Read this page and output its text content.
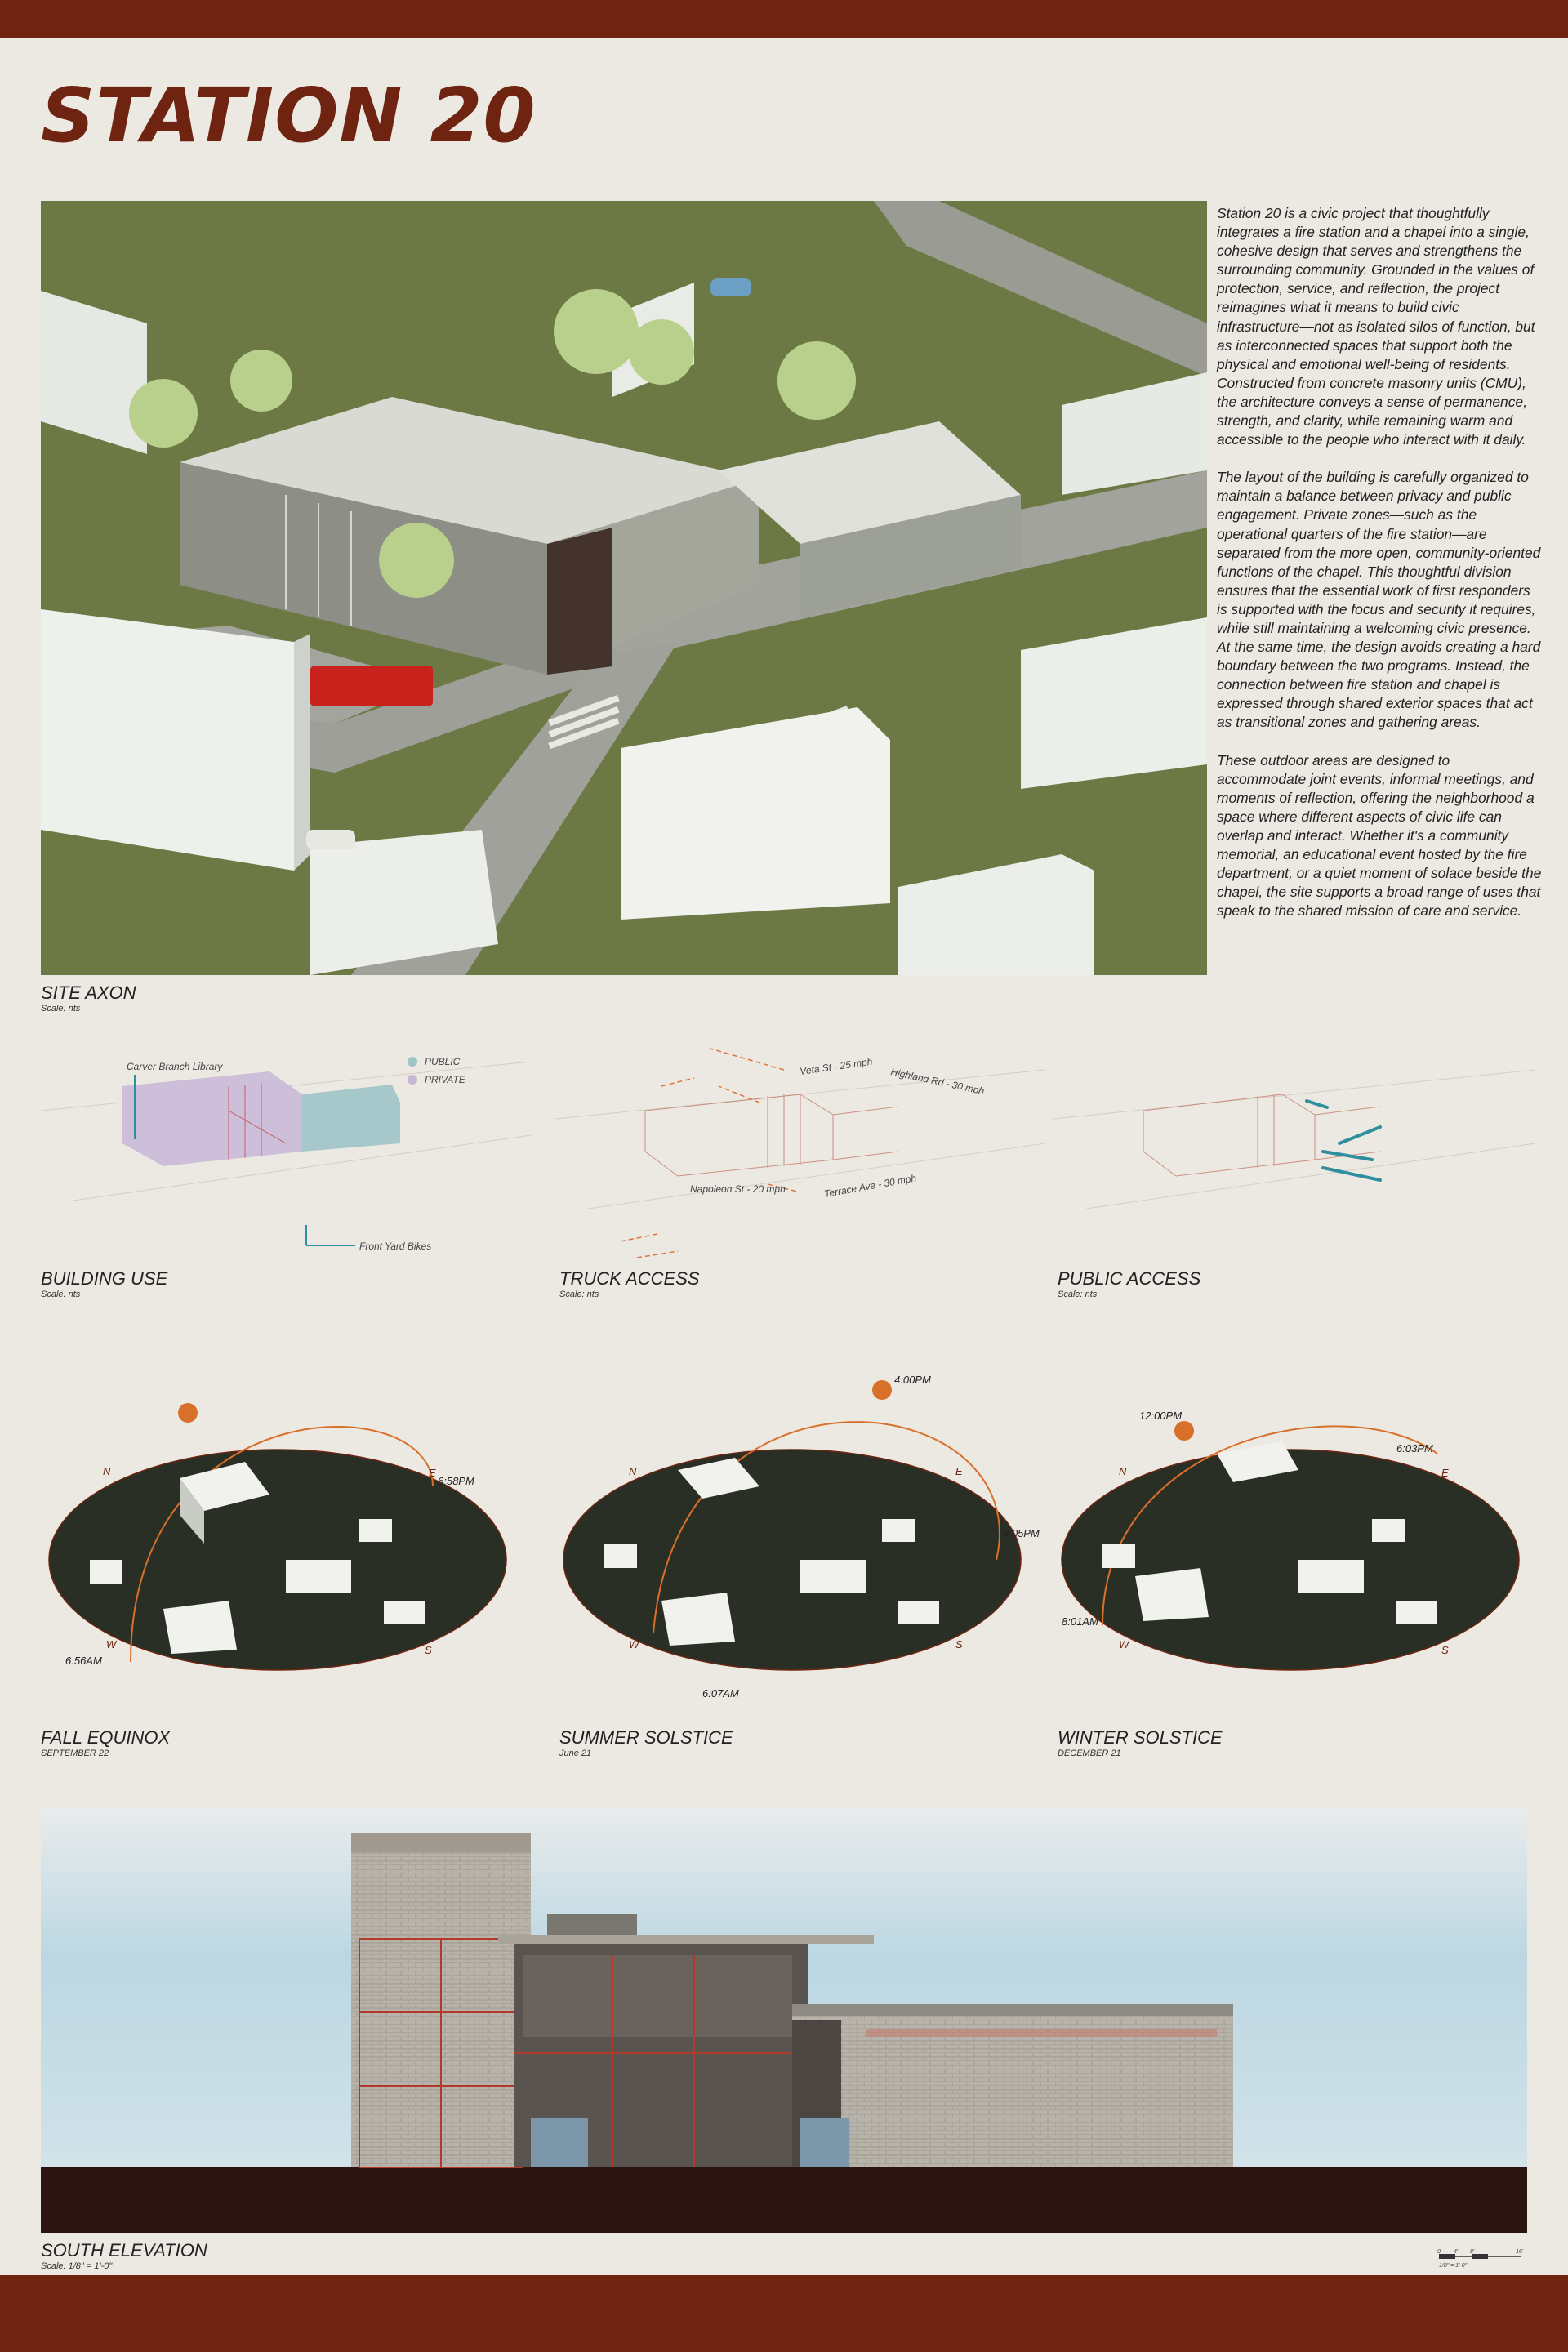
STATION 20

Station 20 is a civic project that thoughtfully integrates a fire station and a chapel into a single, cohesive design that serves and strengthens the surrounding community. Grounded in the values of protection, service, and reflection, the project reimagines what it means to build civic infrastructure—not as isolated silos of function, but as interconnected spaces that support both the physical and emotional well-being of residents. Constructed from concrete masonry units (CMU), the architecture conveys a sense of permanence, strength, and clarity, while remaining warm and accessible to the people who interact with it daily.

The layout of the building is carefully organized to maintain a balance between privacy and public engagement. Private zones—such as the operational quarters of the fire station—are separated from the more open, community-oriented functions of the chapel. This thoughtful division ensures that the essential work of first responders is supported with the focus and security it requires, while still maintaining a welcoming civic presence. At the same time, the design avoids creating a hard boundary between the two programs. Instead, the connection between fire station and chapel is expressed through shared exterior spaces that act as transitional zones and gathering areas.

These outdoor areas are designed to accommodate joint events, informal meetings, and moments of reflection, offering the neighborhood a space where different aspects of civic life can overlap and interact. Whether it's a community memorial, an educational event hosted by the fire department, or a quiet moment of solace beside the chapel, the site supports a broad range of uses that speak to the shared mission of care and service.

SITE AXON
Scale: nts
PUBLIC
PRIVATE
Carver Branch Library
Front Yard Bikes
BUILDING USE
Scale: nts
Veta St - 25 mph Highland Rd - 30 mph
Napoleon St - 20 mph	Terrace Ave - 30 mph
TRUCK ACCESS
Scale: nts
PUBLIC ACCESS
Scale: nts
N	E
W	S
6:56AM
6:58PM
FALL EQUINOX
SEPTEMBER 22
N	E
W	S
4:00PM
8:05PM
6:07AM
SUMMER SOLSTICE
June 21
N	E
W	S
12:00PM
6:03PM
8:01AM
WINTER SOLSTICE
DECEMBER 21
SOUTH ELEVATION
Scale: 1/8" = 1'-0"
0 4' 8'	16'
1/8" = 1'-0"
